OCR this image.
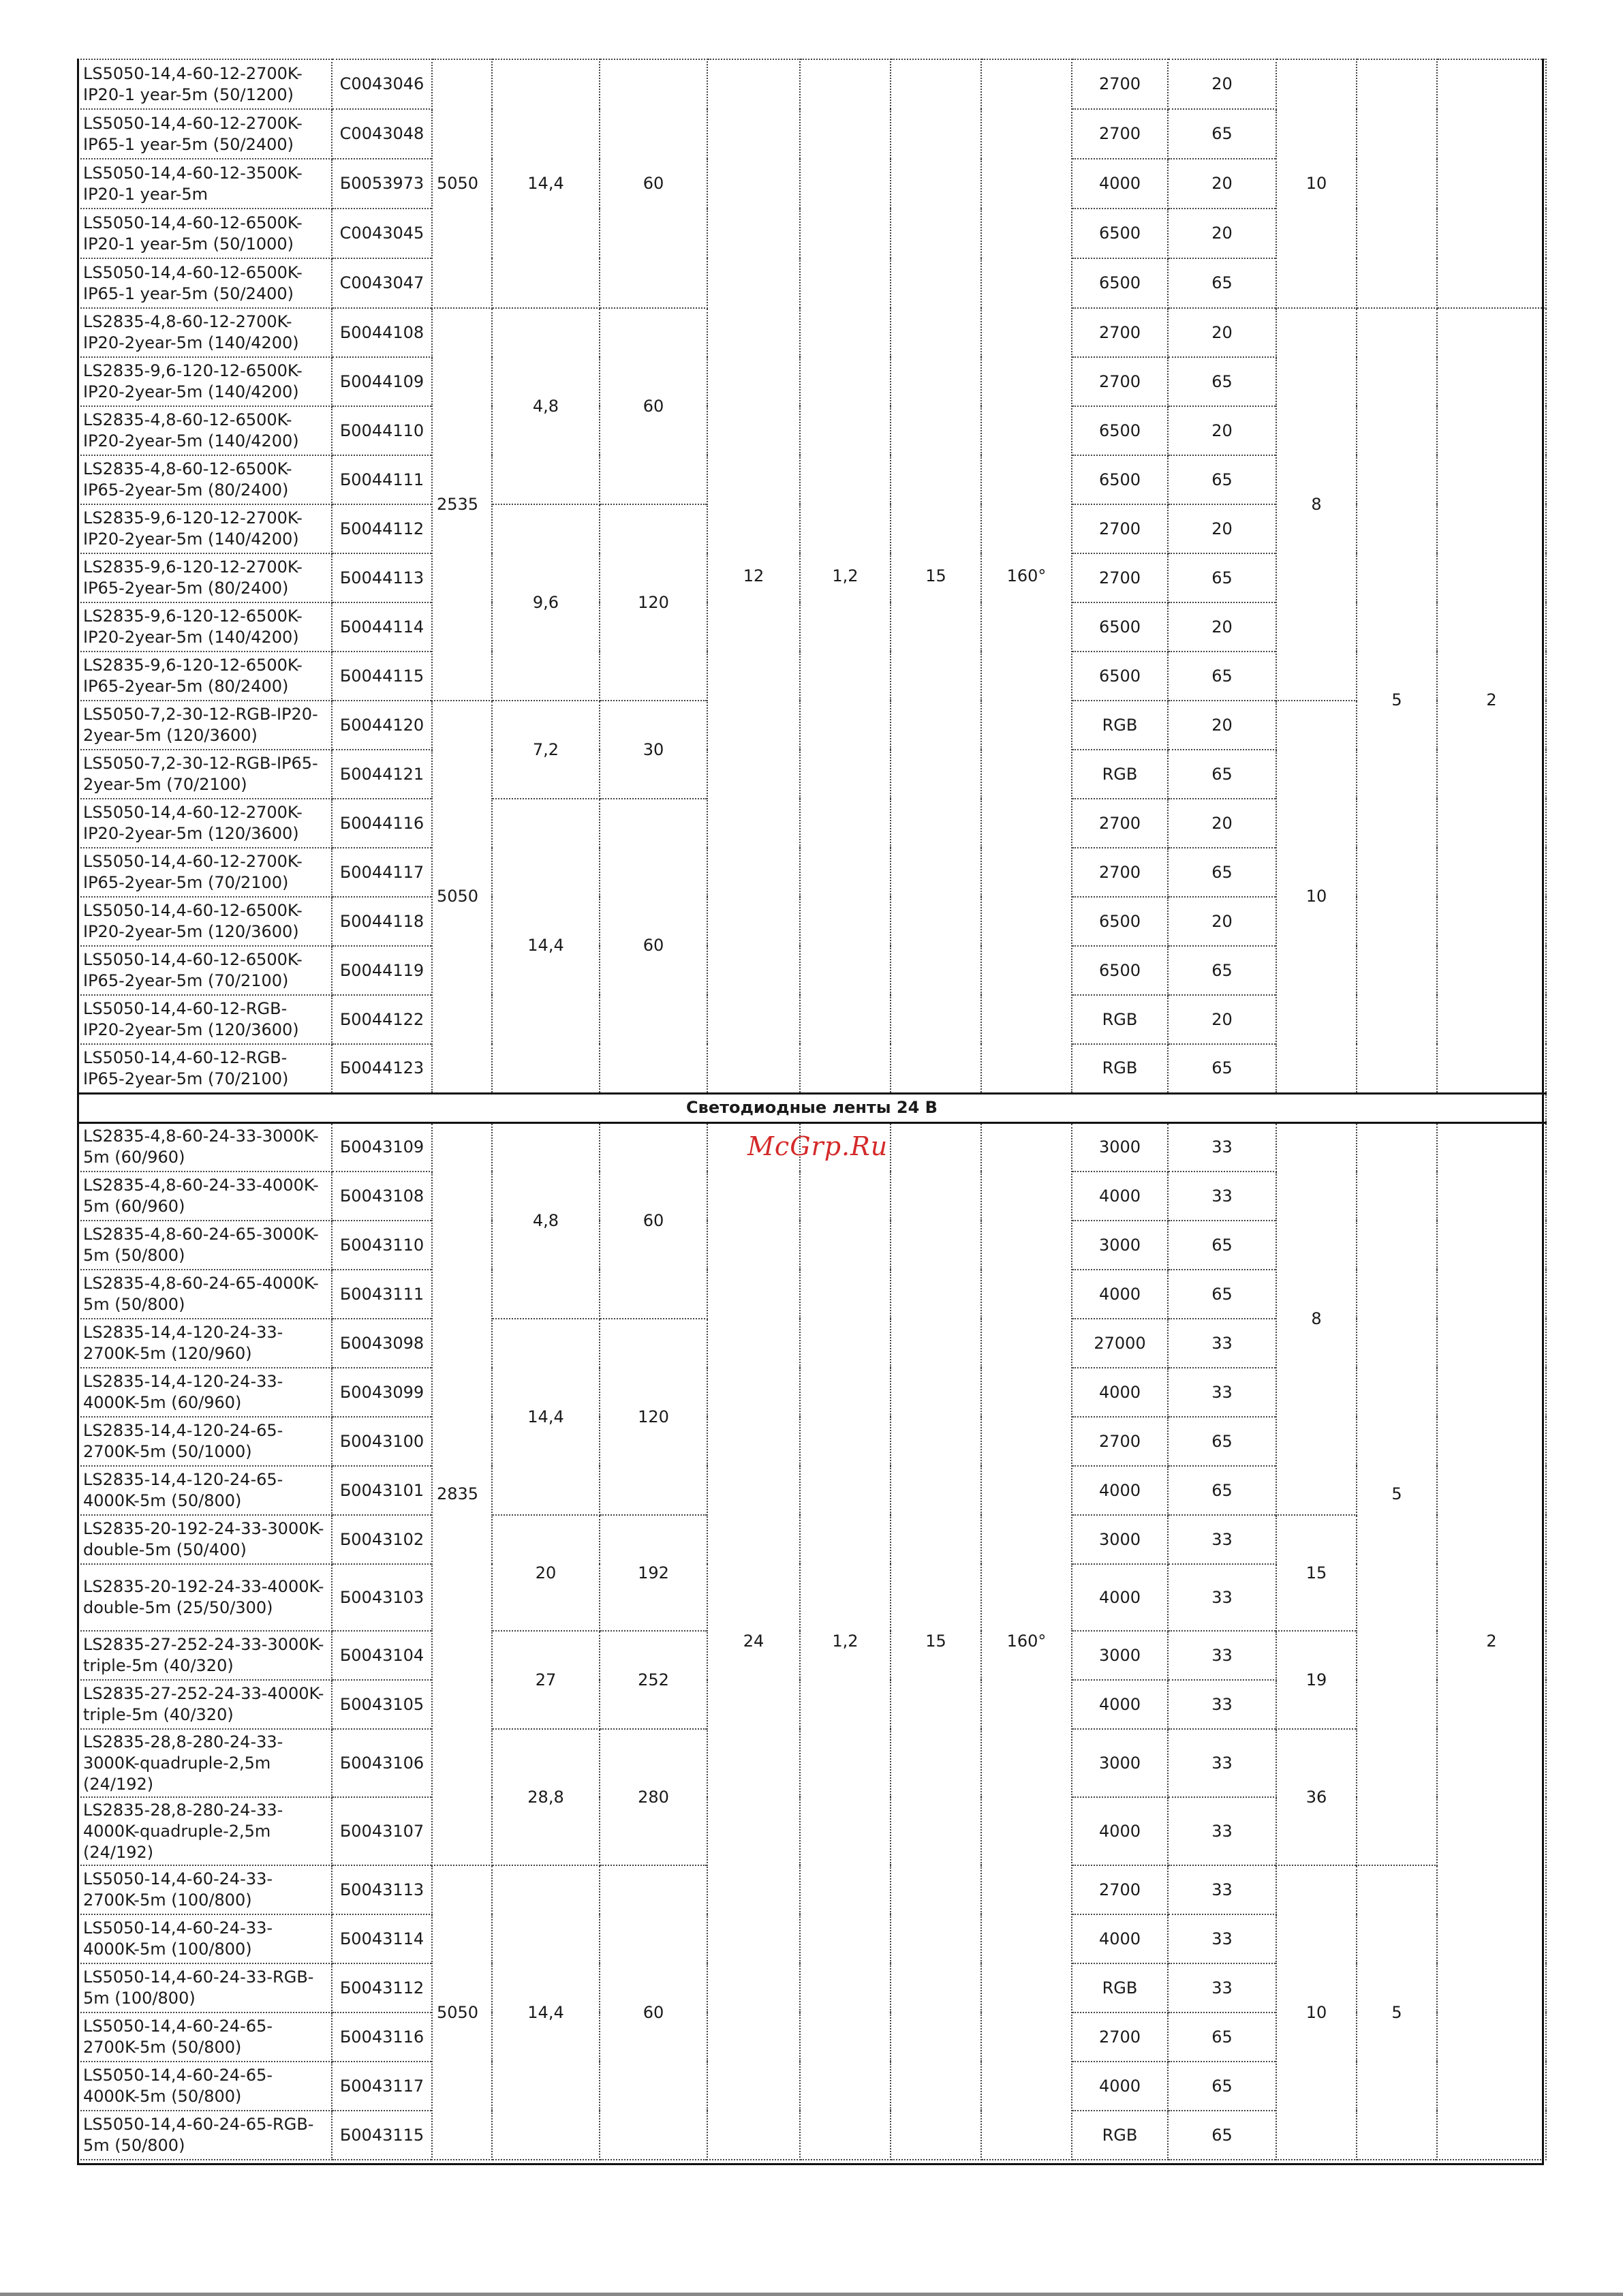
LS5050-14,4-60-12-2700K-IP20-1 year-5m (50/1200)	С0043046	5050	14,4	60	12	1,2	15	160°	2700	20	10			
LS5050-14,4-60-12-2700K-IP65-1 year-5m (50/2400)	С0043048								2700	65				
LS5050-14,4-60-12-3500K-IP20-1 year-5m	Б0053973								4000	20				
LS5050-14,4-60-12-6500K-IP20-1 year-5m (50/1000)	С0043045								6500	20				
LS5050-14,4-60-12-6500K-IP65-1 year-5m (50/2400)	С0043047								6500	65				
LS2835-4,8-60-12-2700K-IP20-2year-5m (140/4200)	Б0044108	2535	4,8	60					2700	20	8	5	2	
LS2835-9,6-120-12-6500K-IP20-2year-5m (140/4200)	Б0044109								2700	65				
LS2835-4,8-60-12-6500K-IP20-2year-5m (140/4200)	Б0044110								6500	20				
LS2835-4,8-60-12-6500K-IP65-2year-5m (80/2400)	Б0044111								6500	65				
LS2835-9,6-120-12-2700K-IP20-2year-5m (140/4200)	Б0044112		9,6	120					2700	20				
LS2835-9,6-120-12-2700K-IP65-2year-5m (80/2400)	Б0044113								2700	65				
LS2835-9,6-120-12-6500K-IP20-2year-5m (140/4200)	Б0044114								6500	20				
LS2835-9,6-120-12-6500K-IP65-2year-5m (80/2400)	Б0044115								6500	65				
LS5050-7,2-30-12-RGB-IP20-2year-5m (120/3600)	Б0044120	5050	7,2	30					RGB	20	10			
LS5050-7,2-30-12-RGB-IP65-2year-5m (70/2100)	Б0044121								RGB	65				
LS5050-14,4-60-12-2700K-IP20-2year-5m (120/3600)	Б0044116		14,4	60					2700	20				
LS5050-14,4-60-12-2700K-IP65-2year-5m (70/2100)	Б0044117								2700	65				
LS5050-14,4-60-12-6500K-IP20-2year-5m (120/3600)	Б0044118								6500	20				
LS5050-14,4-60-12-6500K-IP65-2year-5m (70/2100)	Б0044119								6500	65				
LS5050-14,4-60-12-RGB-IP20-2year-5m (120/3600)	Б0044122								RGB	20				
LS5050-14,4-60-12-RGB-IP65-2year-5m (70/2100)	Б0044123								RGB	65				
Светодиодные ленты 24 В														
LS2835-4,8-60-24-33-3000K-5m (60/960)	Б0043109	2835	4,8	60	24	1,2	15	160°	3000	33	8	5	2	
LS2835-4,8-60-24-33-4000K-5m (60/960)	Б0043108								4000	33				
LS2835-4,8-60-24-65-3000K-5m (50/800)	Б0043110								3000	65				
LS2835-4,8-60-24-65-4000K-5m (50/800)	Б0043111								4000	65				
LS2835-14,4-120-24-33-2700K-5m (120/960)	Б0043098		14,4	120					27000	33				
LS2835-14,4-120-24-33-4000K-5m (60/960)	Б0043099								4000	33				
LS2835-14,4-120-24-65-2700K-5m (50/1000)	Б0043100								2700	65				
LS2835-14,4-120-24-65-4000K-5m (50/800)	Б0043101								4000	65				
LS2835-20-192-24-33-3000K-double-5m (50/400)	Б0043102		20	192					3000	33	15			
LS2835-20-192-24-33-4000K-double-5m (25/50/300)	Б0043103								4000	33				
LS2835-27-252-24-33-3000K-triple-5m (40/320)	Б0043104		27	252					3000	33	19			
LS2835-27-252-24-33-4000K-triple-5m (40/320)	Б0043105								4000	33				
LS2835-28,8-280-24-33-3000K-quadruple-2,5m (24/192)	Б0043106		28,8	280					3000	33	36	
LS2835-28,8-280-24-33-4000K-quadruple-2,5m (24/192)	Б0043107								4000	33				
LS5050-14,4-60-24-33-2700K-5m (100/800)	Б0043113	5050	14,4	60					2700	33	10	5		
LS5050-14,4-60-24-33-4000K-5m (100/800)	Б0043114								4000	33				
LS5050-14,4-60-24-33-RGB-5m (100/800)	Б0043112								RGB	33				
LS5050-14,4-60-24-65-2700K-5m (50/800)	Б0043116								2700	65				
LS5050-14,4-60-24-65-4000K-5m (50/800)	Б0043117								4000	65				
LS5050-14,4-60-24-65-RGB-5m (50/800)	Б0043115								RGB	65				
McGrp.Ru
